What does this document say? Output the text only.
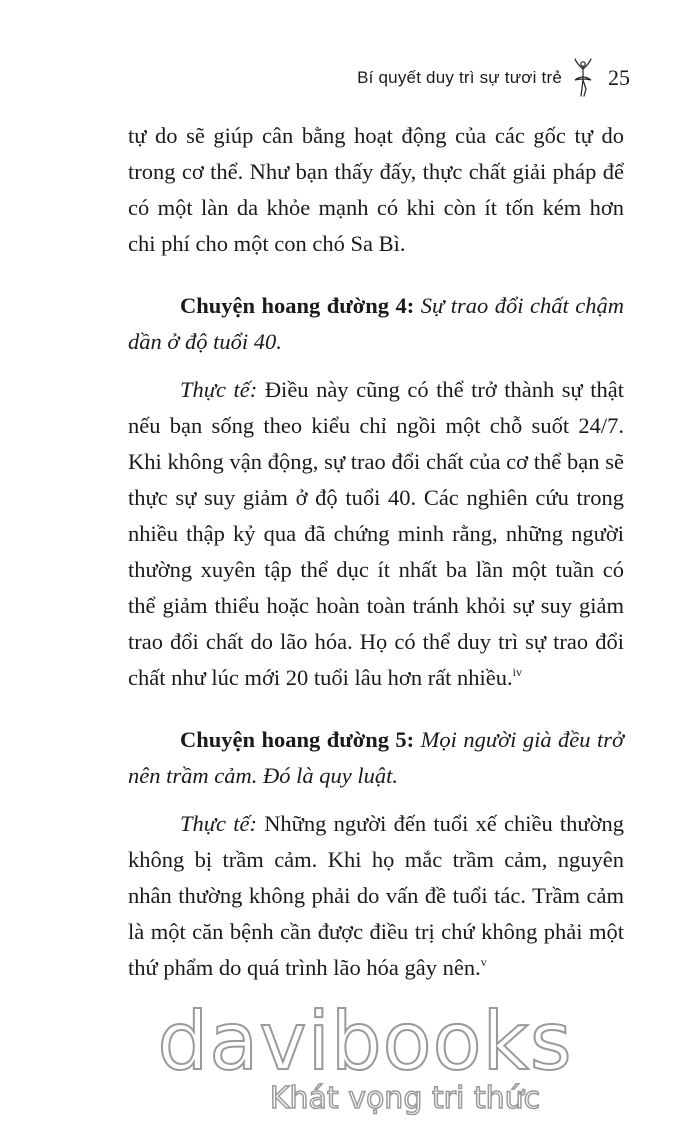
Bí quyết duy trì sự tươi trẻ 25

tự do sẽ giúp cân bằng hoạt động của các gốc tự do trong cơ thể. Như bạn thấy đấy, thực chất giải pháp để có một làn da khỏe mạnh có khi còn ít tốn kém hơn chi phí cho một con chó Sa Bì.

Chuyện hoang đường 4: Sự trao đổi chất chậm dần ở độ tuổi 40.

Thực tế: Điều này cũng có thể trở thành sự thật nếu bạn sống theo kiểu chỉ ngồi một chỗ suốt 24/7. Khi không vận động, sự trao đổi chất của cơ thể bạn sẽ thực sự suy giảm ở độ tuổi 40. Các nghiên cứu trong nhiều thập kỷ qua đã chứng minh rằng, những người thường xuyên tập thể dục ít nhất ba lần một tuần có thể giảm thiểu hoặc hoàn toàn tránh khỏi sự suy giảm trao đổi chất do lão hóa. Họ có thể duy trì sự trao đổi chất như lúc mới 20 tuổi lâu hơn rất nhiều.$^{iv}$

Chuyện hoang đường 5: Mọi người già đều trở nên trầm cảm. Đó là quy luật.

Thực tế: Những người đến tuổi xế chiều thường không bị trầm cảm. Khi họ mắc trầm cảm, nguyên nhân thường không phải do vấn đề tuổi tác. Trầm cảm là một căn bệnh cần được điều trị chứ không phải một thứ phẩm do quá trình lão hóa gây nên.$^v$

davibooks
Khát vọng tri thức
